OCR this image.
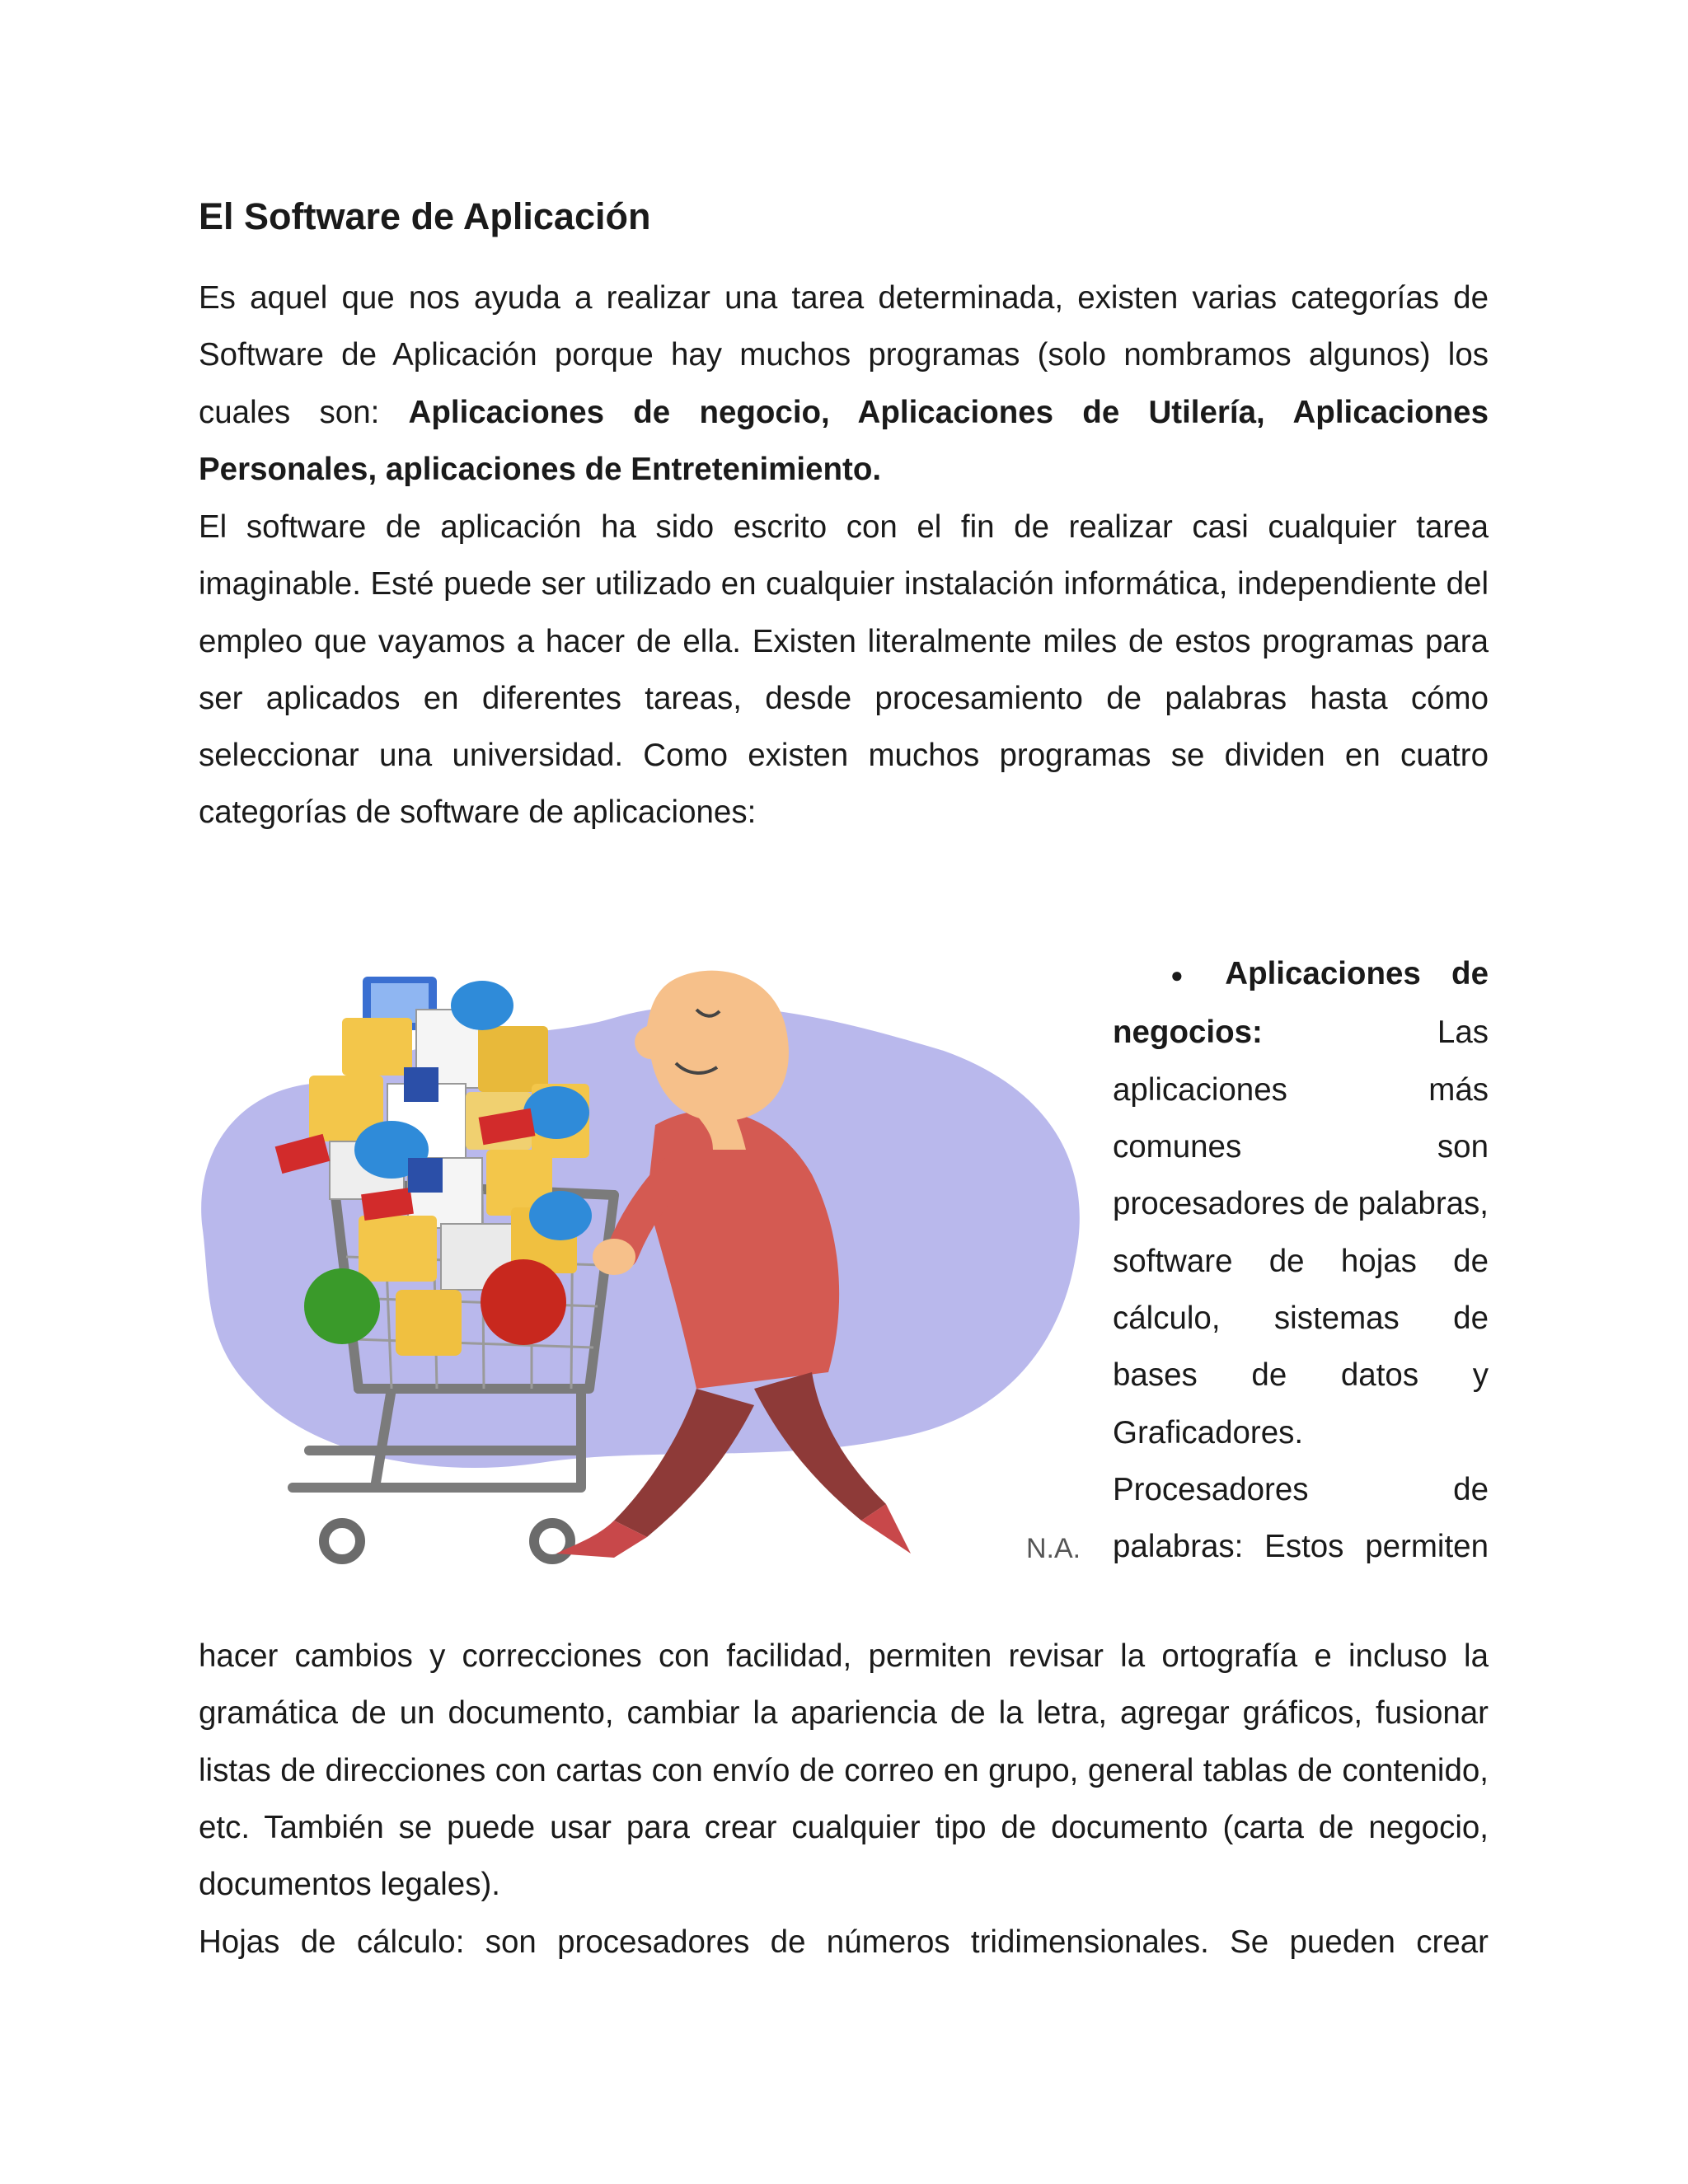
El Software de Aplicación

Es aquel que nos ayuda a realizar una tarea determinada, existen varias categorías de Software de Aplicación porque hay muchos programas (solo nombramos algunos) los cuales son: Aplicaciones de negocio, Aplicaciones de Utilería, Aplicaciones Personales, aplicaciones de Entretenimiento.

El software de aplicación ha sido escrito con el fin de realizar casi cualquier tarea imaginable. Esté puede ser utilizado en cualquier instalación informática, independiente del empleo que vayamos a hacer de ella. Existen literalmente miles de estos programas para ser aplicados en diferentes tareas, desde procesamiento de palabras hasta cómo seleccionar una universidad. Como existen muchos programas se dividen en cuatro categorías de software de aplicaciones:

N.A.

● Aplicaciones de negocios: Las aplicaciones más comunes son procesadores de palabras, software de hojas de cálculo, sistemas de bases de datos y Graficadores.
Procesadores de palabras: Estos permiten

hacer cambios y correcciones con facilidad, permiten revisar la ortografía e incluso la gramática de un documento, cambiar la apariencia de la letra, agregar gráficos, fusionar listas de direcciones con cartas con envío de correo en grupo, general tablas de contenido, etc. También se puede usar para crear cualquier tipo de documento (carta de negocio, documentos legales).

Hojas de cálculo: son procesadores de números tridimensionales. Se pueden crear
